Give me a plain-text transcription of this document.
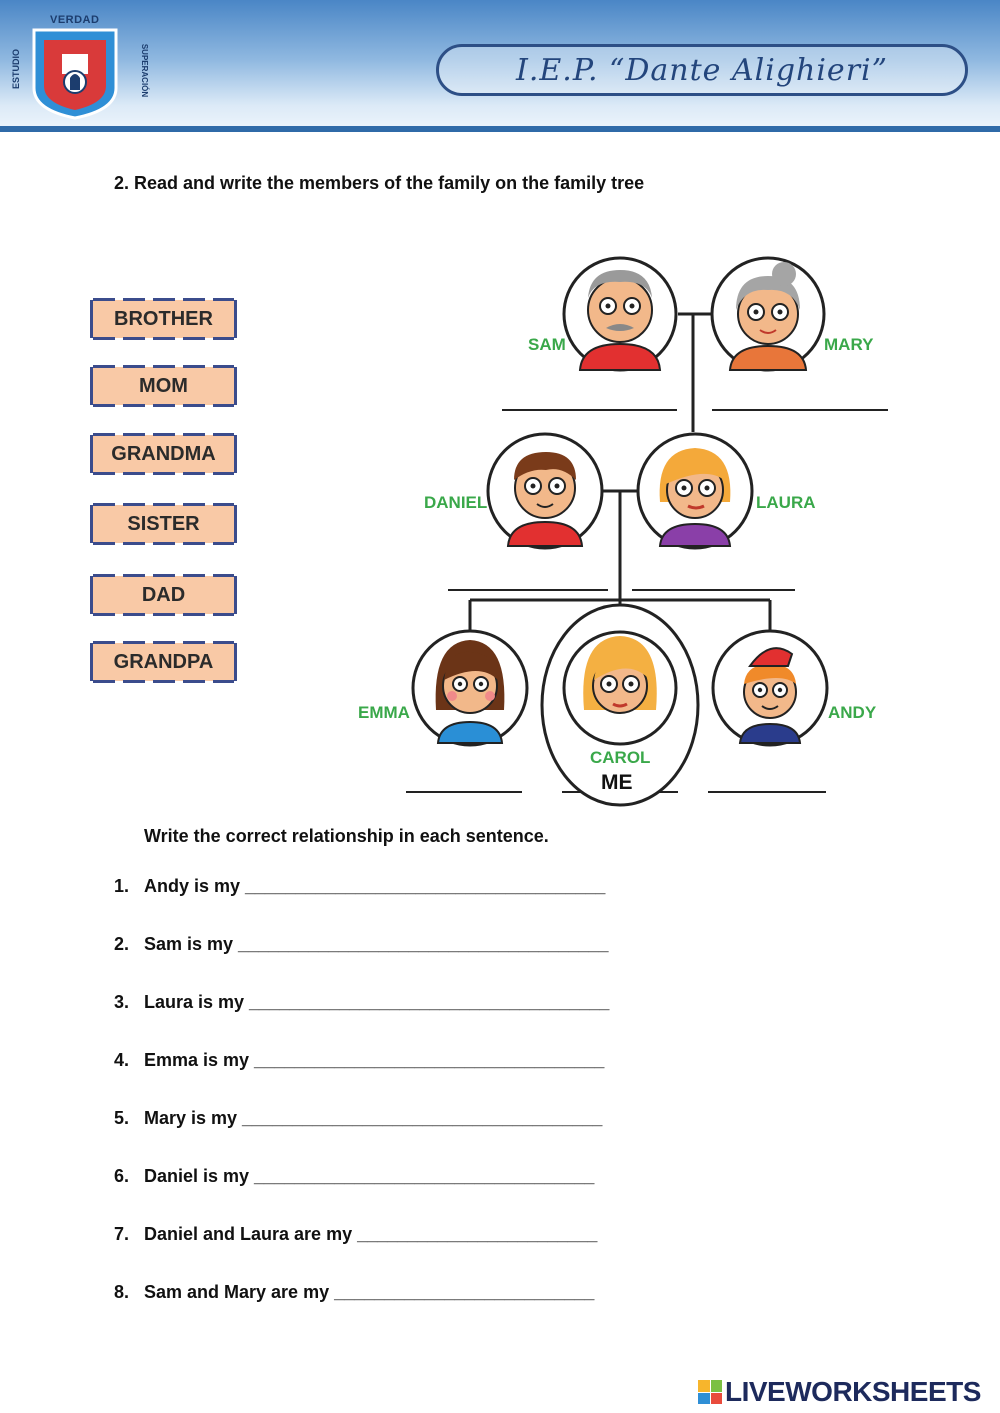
VERDAD
ESTUDIO	SUPERACIÓN	I.E.P. “Dante Alighieri”
2. Read and write the members of the family on the family tree
BROTHER
MOM
GRANDMA
SISTER
DAD
GRANDPA
SAM	MARY
DANIEL	LAURA
EMMA
CAROL
ME
ANDY
Write the correct relationship in each sentence.
1. Andy is my ____________________________________
2. Sam is my _____________________________________
3. Laura is my ____________________________________
4. Emma is my ___________________________________
5. Mary is my ____________________________________
6. Daniel is my __________________________________
7. Daniel and Laura are my ________________________
8. Sam and Mary are my __________________________
LIVEWORKSHEETS
